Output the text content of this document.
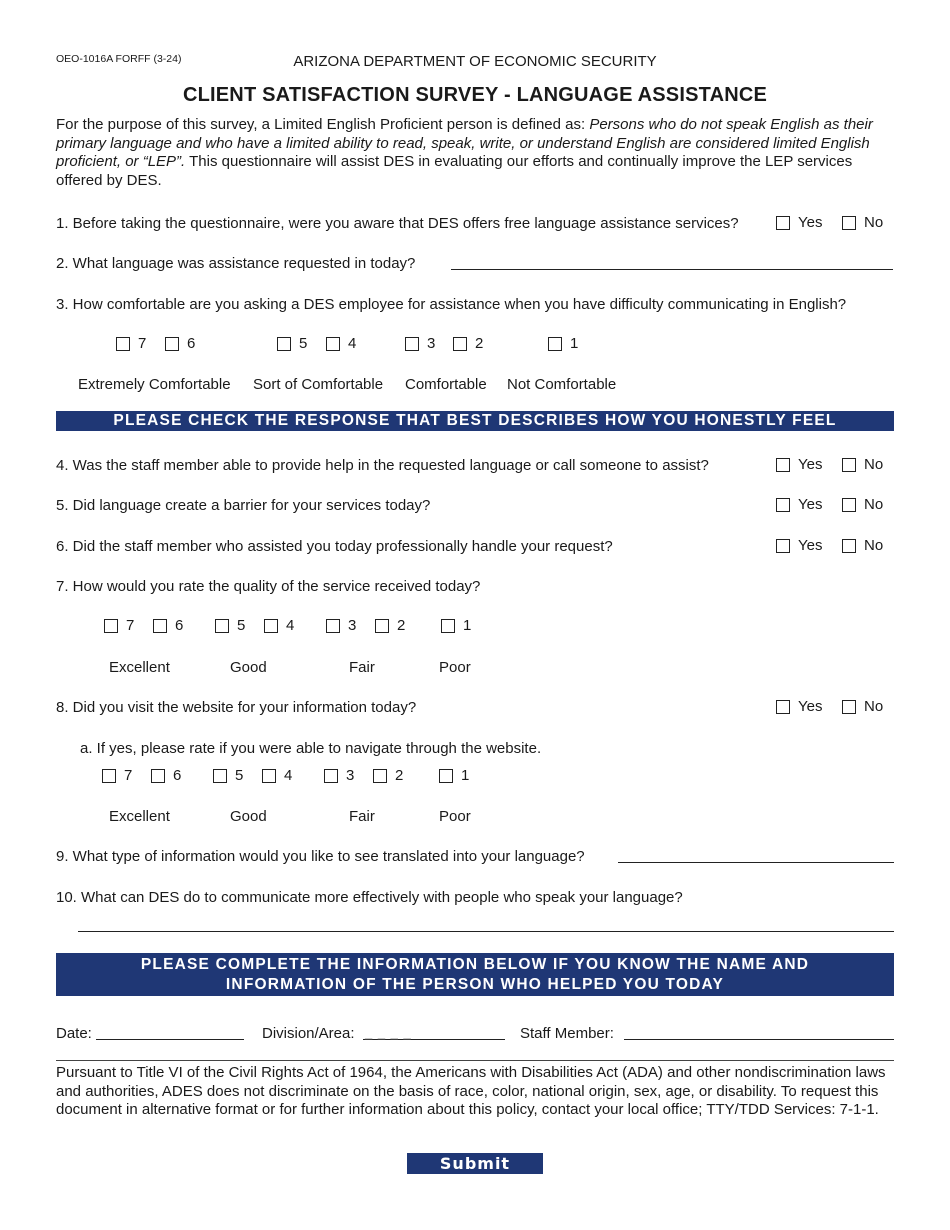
OEO-1016A FORFF (3-24)	ARIZONA DEPARTMENT OF ECONOMIC SECURITY
CLIENT SATISFACTION SURVEY - LANGUAGE ASSISTANCE
For the purpose of this survey, a Limited English Proficient person is defined as: Persons who do not speak English as their primary language and who have a limited ability to read, speak, write, or understand English are considered limited English proficient, or “LEP”. This questionnaire will assist DES in evaluating our efforts and continually improve the LEP services offered by DES.
1. Before taking the questionnaire, were you aware that DES offers free language assistance services?	Yes	No
2. What language was assistance requested in today?
3. How comfortable are you asking a DES employee for assistance when you have difficulty communicating in English?
7	6	5	4	3	2	1
Extremely Comfortable Sort of Comfortable Comfortable Not Comfortable
PLEASE CHECK THE RESPONSE THAT BEST DESCRIBES HOW YOU HONESTLY FEEL
4. Was the staff member able to provide help in the requested language or call someone to assist?	Yes	No
5. Did language create a barrier for your services today?	Yes	No
6. Did the staff member who assisted you today professionally handle your request?	Yes	No
7. How would you rate the quality of the service received today?
7	6	5	4	3	2	1
Excellent	Good	Fair	Poor
8. Did you visit the website for your information today?	Yes	No
a. If yes, please rate if you were able to navigate through the website.
7	6	5	4	3	2	1
Excellent	Good	Fair	Poor
9. What type of information would you like to see translated into your language?
10. What can DES do to communicate more effectively with people who speak your language?
PLEASE COMPLETE THE INFORMATION BELOW IF YOU KNOW THE NAME AND
INFORMATION OF THE PERSON WHO HELPED YOU TODAY
Date:	Division/Area: _ _ _ _	Staff Member:
Pursuant to Title VI of the Civil Rights Act of 1964, the Americans with Disabilities Act (ADA) and other nondiscrimination laws and authorities, ADES does not discriminate on the basis of race, color, national origin, sex, age, or disability. To request this document in alternative format or for further information about this policy, contact your local office; TTY/TDD Services: 7-1-1.
Submit
